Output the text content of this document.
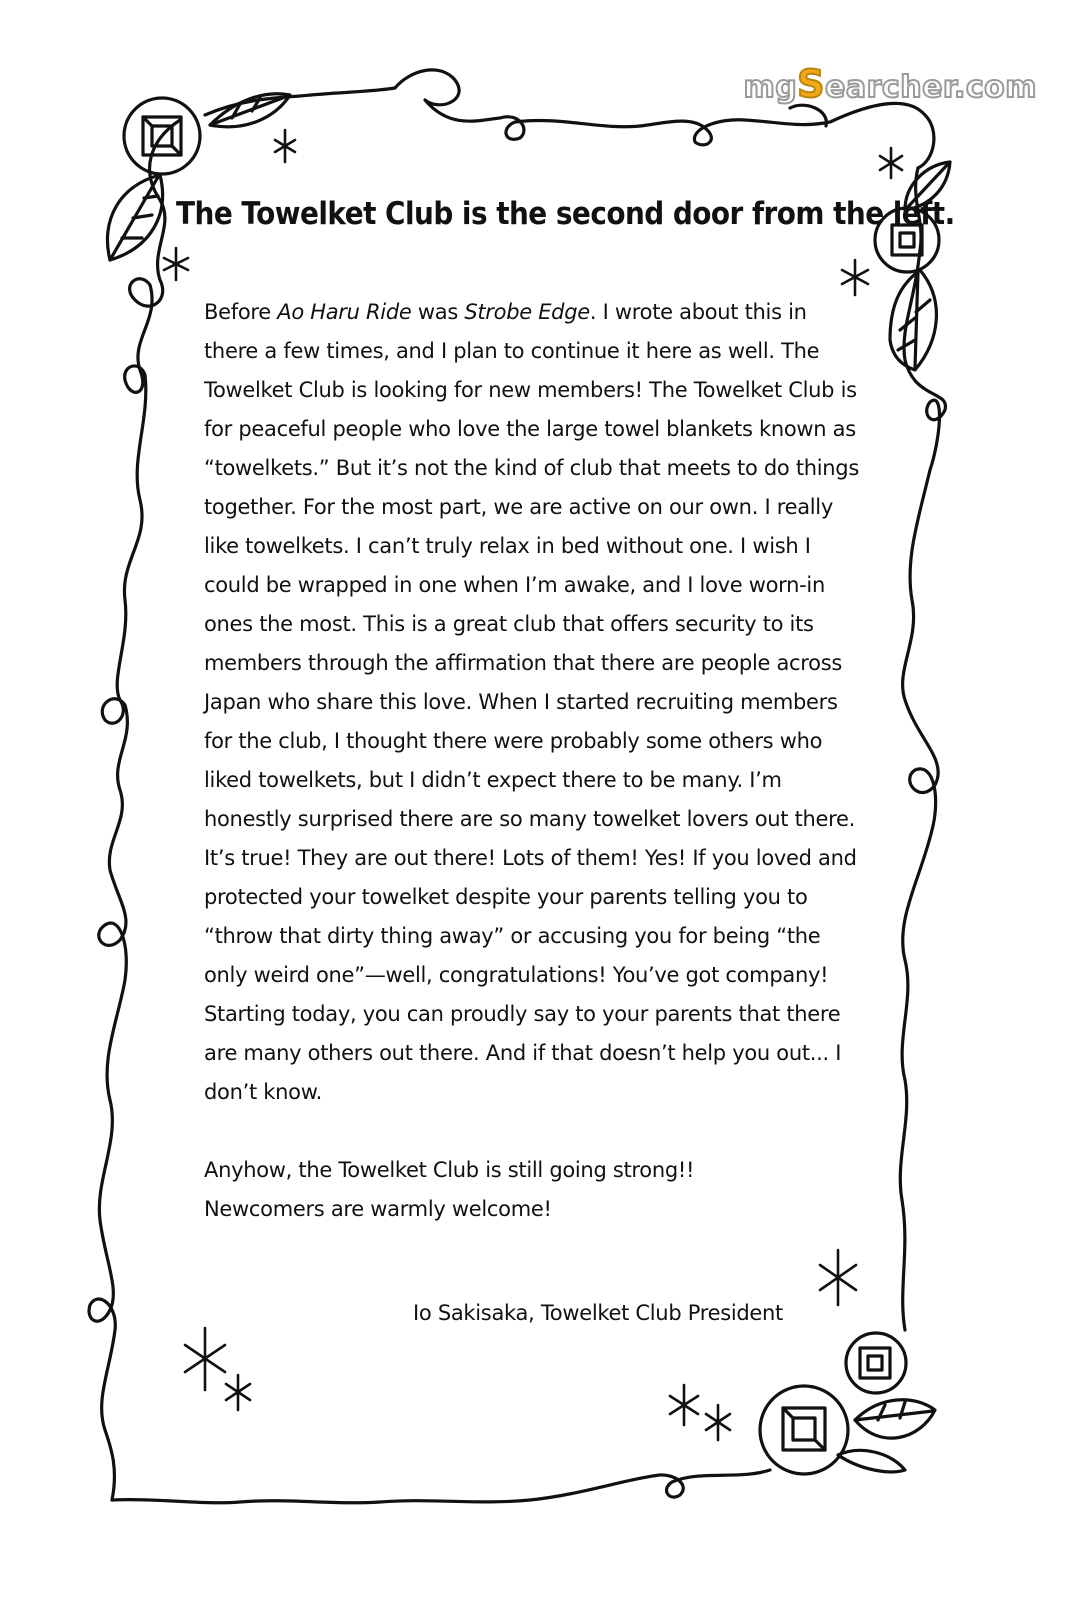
mgSearcher.com
The Towelket Club is the second door from the left.

Before Ao Haru Ride was Strobe Edge. I wrote about this in there a few times, and I plan to continue it here as well. The Towelket Club is looking for new members! The Towelket Club is for peaceful people who love the large towel blankets known as “towelkets.” But it’s not the kind of club that meets to do things together. For the most part, we are active on our own. I really like towelkets. I can’t truly relax in bed without one. I wish I could be wrapped in one when I’m awake, and I love worn-in ones the most. This is a great club that offers security to its members through the affirmation that there are people across Japan who share this love. When I started recruiting members for the club, I thought there were probably some others who liked towelkets, but I didn’t expect there to be many. I’m honestly surprised there are so many towelket lovers out there. It’s true! They are out there! Lots of them! Yes! If you loved and protected your towelket despite your parents telling you to “throw that dirty thing away” or accusing you for being “the only weird one”—well, congratulations! You’ve got company! Starting today, you can proudly say to your parents that there are many others out there. And if that doesn’t help you out... I don’t know.

Anyhow, the Towelket Club is still going strong!!
Newcomers are warmly welcome!

Io Sakisaka, Towelket Club President
